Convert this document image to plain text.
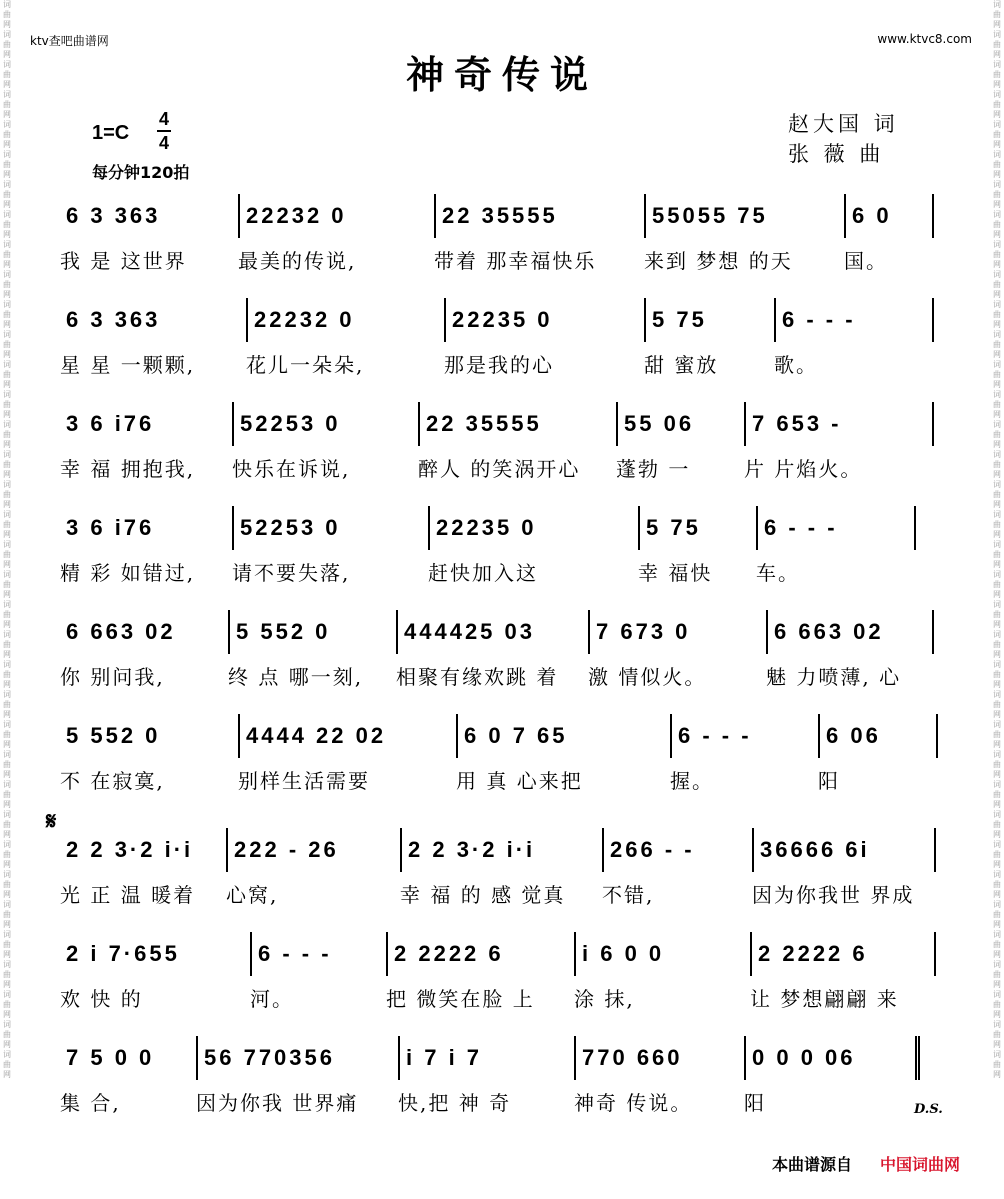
词曲网词曲网词曲网词曲网词曲网词曲网词曲网词曲网词曲网词曲网词曲网词曲网词曲网词曲网词曲网词曲网词曲网词曲网词曲网词曲网词曲网词曲网词曲网词曲网词曲网词曲网词曲网词曲网词曲网词曲网词曲网词曲网词曲网词曲网词曲网词曲网
词曲网词曲网词曲网词曲网词曲网词曲网词曲网词曲网词曲网词曲网词曲网词曲网词曲网词曲网词曲网词曲网词曲网词曲网词曲网词曲网词曲网词曲网词曲网词曲网词曲网词曲网词曲网词曲网词曲网词曲网词曲网词曲网词曲网词曲网词曲网词曲网
ktv查吧曲谱网	www.ktvc8.com
神奇传说
1=C
4
4
每分钟120拍
赵大国 词
张 薇 曲
6 3 363	22232 0	22 35555	55055 75	6 0
我 是 这世界	最美的传说,	带着 那幸福快乐	来到 梦想 的天	国。
6 3 363	22232 0	22235 0	5 75	6 - - -
星 星 一颗颗,	花儿一朵朵,	那是我的心	甜 蜜放	歌。
3 6 i76	52253 0	22 35555	55 06	7 653 -
幸 福 拥抱我,	快乐在诉说,	醉人 的笑涡开心	蓬勃 一	片 片焰火。
3 6 i76	52253 0	22235 0	5 75	6 - - -
精 彩 如错过,	请不要失落,	赶快加入这	幸 福快	车。
6 663 02	5 552 0	444425 03	7 673 0	6 663 02
你 别问我,	终 点 哪一刻,	相聚有缘欢跳 着	激 情似火。	魅 力喷薄, 心
5 552 0	4444 22 02	6 0 7 65	6 - - -	6 06
不 在寂寞,	别样生活需要	用 真 心来把	握。	阳
2 2 3·2 i·i	222 - 26	2 2 3·2 i·i	266 - -	36666 6i
光 正 温 暖着	心窝,	幸 福 的 感 觉真	不错,	因为你我世 界成
2 i 7·655	6 - - -	2 2222 6	i 6 0 0	2 2222 6
欢 快 的	河。	把 微笑在脸 上	涂 抹,	让 梦想翩翩 来
7 5 0 0	56 770356	i 7 i 7	770 660	0 0 0 06
集 合,	因为你我 世界痛	快,把 神 奇	神奇 传说。	阳
𝄋
D.S.
本曲谱源自 中国词曲网
